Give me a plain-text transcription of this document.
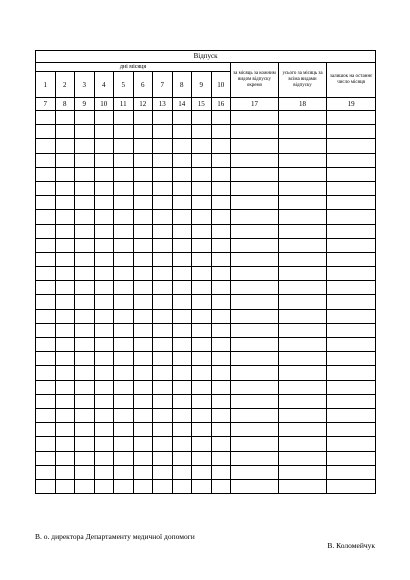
Відпуск												
дні місяця										за місяць за кожним видом відпуску окремо	усього за місяць за всіма видами відпуску	залишок на останнє число місяця
1	2	3	4	5	6	7	8	9	10			
7	8	9	10	11	12	13	14	15	16	17	18	19

В. о. директора Департаменту медичної допомоги
В. Коломейчук
